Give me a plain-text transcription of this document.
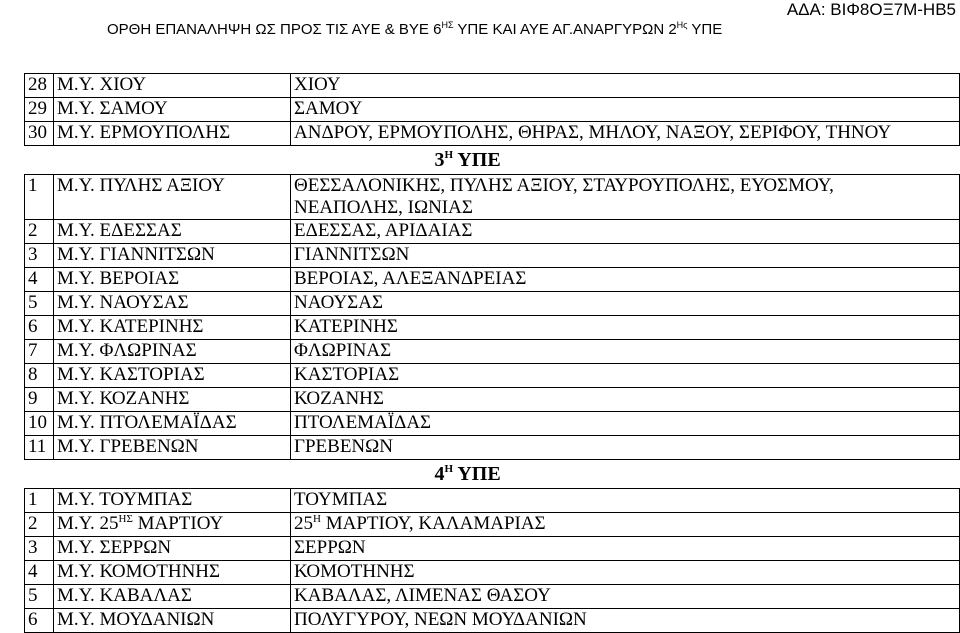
ΑΔΑ: ΒΙΦ8ΟΞ7Μ-ΗΒ5
ΟΡΘΗ ΕΠΑΝΑΛΗΨΗ ΩΣ ΠΡΟΣ ΤΙΣ ΑΥΕ & ΒΥΕ $6^{H\Sigma}$ ΥΠΕ ΚΑΙ ΑΥΕ ΑΓ.ΑΝΑΡΓΥΡΩΝ $2^{H\varsigma}$ ΥΠΕ
28	Μ.Υ. ΧΙΟΥ	ΧΙΟΥ
29	Μ.Υ. ΣΑΜΟΥ	ΣΑΜΟΥ
30	Μ.Υ. ΕΡΜΟΥΠΟΛΗΣ	ΑΝΔΡΟΥ, ΕΡΜΟΥΠΟΛΗΣ, ΘΗΡΑΣ, ΜΗΛΟΥ, ΝΑΞΟΥ, ΣΕΡΙΦΟΥ, ΤΗΝΟΥ
$3^H$ ΥΠΕ		
1	Μ.Υ. ΠΥΛΗΣ ΑΞΙΟΥ	ΘΕΣΣΑΛΟΝΙΚΗΣ, ΠΥΛΗΣ ΑΞΙΟΥ, ΣΤΑΥΡΟΥΠΟΛΗΣ, ΕΥΟΣΜΟΥ,
ΝΕΑΠΟΛΗΣ, ΙΩΝΙΑΣ

2	Μ.Υ. ΕΔΕΣΣΑΣ	ΕΔΕΣΣΑΣ, ΑΡΙΔΑΙΑΣ
3	Μ.Υ. ΓΙΑΝΝΙΤΣΩΝ	ΓΙΑΝΝΙΤΣΩΝ
4	Μ.Υ. ΒΕΡΟΙΑΣ	ΒΕΡΟΙΑΣ, ΑΛΕΞΑΝΔΡΕΙΑΣ
5	Μ.Υ. ΝΑΟΥΣΑΣ	ΝΑΟΥΣΑΣ
6	Μ.Υ. ΚΑΤΕΡΙΝΗΣ	ΚΑΤΕΡΙΝΗΣ
7	Μ.Υ. ΦΛΩΡΙΝΑΣ	ΦΛΩΡΙΝΑΣ
8	Μ.Υ. ΚΑΣΤΟΡΙΑΣ	ΚΑΣΤΟΡΙΑΣ
9	Μ.Υ. ΚΟΖΑΝΗΣ	ΚΟΖΑΝΗΣ
10	Μ.Υ. ΠΤΟΛΕΜΑΪΔΑΣ	ΠΤΟΛΕΜΑΪΔΑΣ
11	Μ.Υ. ΓΡΕΒΕΝΩΝ	ΓΡΕΒΕΝΩΝ
$4^H$ ΥΠΕ		
1	Μ.Υ. ΤΟΥΜΠΑΣ	ΤΟΥΜΠΑΣ
2	Μ.Υ. $25^{H\Sigma}$ ΜΑΡΤΙΟΥ	$25^H$ ΜΑΡΤΙΟΥ, ΚΑΛΑΜΑΡΙΑΣ
3	Μ.Υ. ΣΕΡΡΩΝ	ΣΕΡΡΩΝ
4	Μ.Υ. ΚΟΜΟΤΗΝΗΣ	ΚΟΜΟΤΗΝΗΣ
5	Μ.Υ. ΚΑΒΑΛΑΣ	ΚΑΒΑΛΑΣ, ΛΙΜΕΝΑΣ ΘΑΣΟΥ
6	Μ.Υ. ΜΟΥΔΑΝΙΩΝ	ΠΟΛΥΓΥΡΟΥ, ΝΕΩΝ ΜΟΥΔΑΝΙΩΝ
